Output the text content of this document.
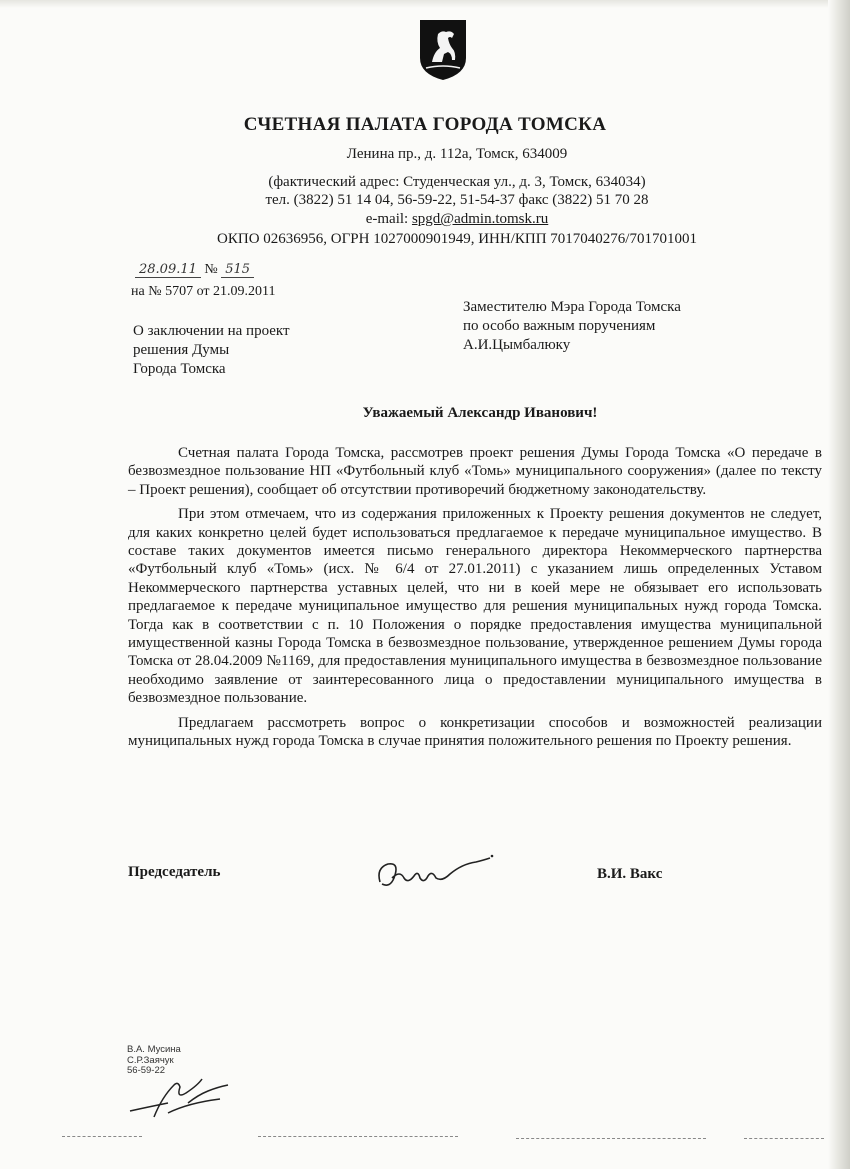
СЧЕТНАЯ ПАЛАТА ГОРОДА ТОМСКА
Ленина пр., д. 112а, Томск, 634009
(фактический адрес: Студенческая ул., д. 3, Томск, 634034)
тел. (3822) 51 14 04, 56-59-22, 51-54-37 факс (3822) 51 70 28
e-mail: spgd@admin.tomsk.ru
ОКПО 02636956, ОГРН 1027000901949, ИНН/КПП 7017040276/701701001
28.09.11 № 515
на № 5707 от 21.09.2011
О заключении на проект
решения Думы
Города Томска
Заместителю Мэра Города Томска
по особо важным поручениям
А.И.Цымбалюку
Уважаемый Александр Иванович!

Счетная палата Города Томска, рассмотрев проект решения Думы Города Томска «О передаче в безвозмездное пользование НП «Футбольный клуб «Томь» муниципального сооружения» (далее по тексту – Проект решения), сообщает об отсутствии противоречий бюджетному законодательству.

При этом отмечаем, что из содержания приложенных к Проекту решения документов не следует, для каких конкретно целей будет использоваться предлагаемое к передаче муниципальное имущество. В составе таких документов имеется письмо генерального директора Некоммерческого партнерства «Футбольный клуб «Томь» (исх. № 6/4 от 27.01.2011) с указанием лишь определенных Уставом Некоммерческого партнерства уставных целей, что ни в коей мере не обязывает его использовать предлагаемое к передаче муниципальное имущество для решения муниципальных нужд города Томска. Тогда как в соответствии с п. 10 Положения о порядке предоставления имущества муниципальной имущественной казны Города Томска в безвозмездное пользование, утвержденное решением Думы города Томска от 28.04.2009 №1169, для предоставления муниципального имущества в безвозмездное пользование необходимо заявление от заинтересованного лица о предоставлении муниципального имущества в безвозмездное пользование.

Предлагаем рассмотреть вопрос о конкретизации способов и возможностей реализации муниципальных нужд города Томска в случае принятия положительного решения по Проекту решения.

Председатель	В.И. Вакс
В.А. Мусина
С.Р.Заячук
56-59-22
